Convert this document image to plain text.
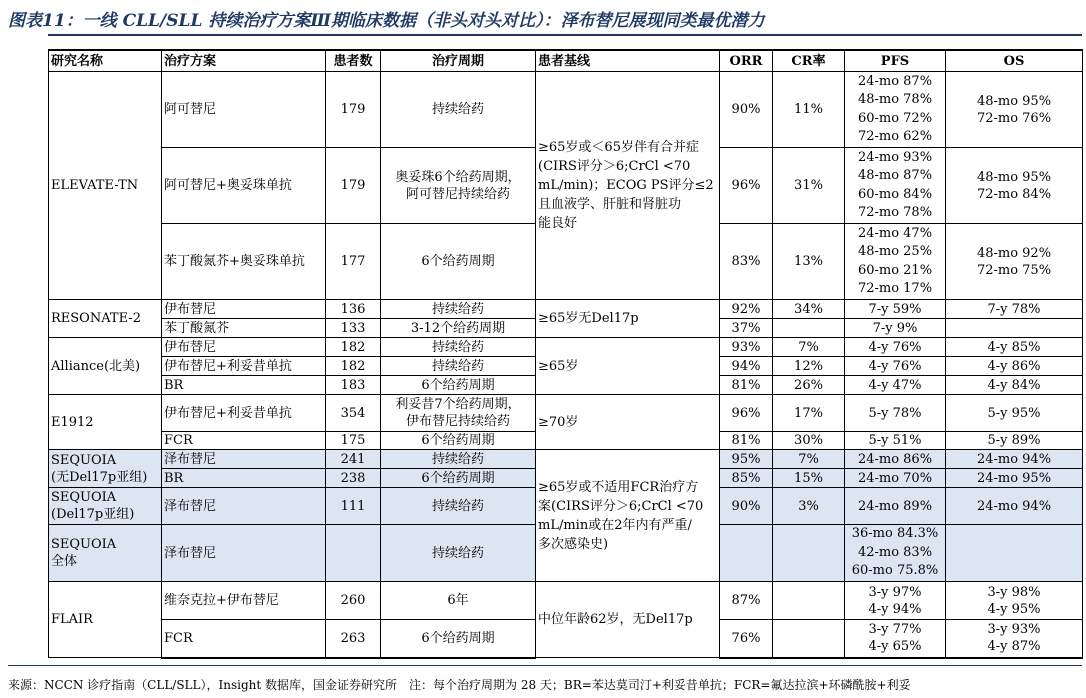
图表11：一线 CLL/SLL 持续治疗方案Ⅲ期临床数据（非头对头对比）：泽布替尼展现同类最优潜力
研究名称	治疗方案	患者数	治疗周期	患者基线	ORR	CR率	PFS	OS
ELEVATE-TN	阿可替尼	179	持续给药	≥65岁或＜65岁伴有合并症
(CIRS评分＞6;CrCl <70
mL/min)；ECOG PS评分≤2
且血液学、肝脏和肾脏功
能良好	90%	11%	24-mo 87%
48-mo 78%
60-mo 72%
72-mo 62%	48-mo 95%
72-mo 76%

	阿可替尼+奥妥珠单抗	179	奥妥珠6个给药周期，
阿可替尼持续给药		96%	31%	24-mo 93%
48-mo 87%
60-mo 84%
72-mo 78%	48-mo 95%
72-mo 84%

	苯丁酸氮芥+奥妥珠单抗	177	6个给药周期		83%	13%	24-mo 47%
48-mo 25%
60-mo 21%
72-mo 17%	48-mo 92%
72-mo 75%

RESONATE-2	伊布替尼	136	持续给药	≥65岁无Del17p	92%	34%	7-y 59%	7-y 78%
	苯丁酸氮芥	133	3-12个给药周期		37%		7-y 9%	
Alliance(北美)	伊布替尼	182	持续给药	≥65岁	93%	7%	4-y 76%	4-y 85%
	伊布替尼+利妥昔单抗	182	持续给药		94%	12%	4-y 76%	4-y 86%
	BR	183	6个给药周期		81%	26%	4-y 47%	4-y 84%
E1912	伊布替尼+利妥昔单抗	354	利妥昔7个给药周期，
伊布替尼持续给药	≥70岁	96%	17%	5-y 78%	5-y 95%
	FCR	175	6个给药周期		81%	30%	5-y 51%	5-y 89%

SEQUOIA
(无Del17p亚组)	泽布替尼	241	持续给药	≥65岁或不适用FCR治疗方
案(CIRS评分＞6;CrCl <70
mL/min或在2年内有严重/
多次感染史)	95%	7%	24-mo 86%	24-mo 94%
	BR	238	6个给药周期		85%	15%	24-mo 70%	24-mo 95%

SEQUOIA
(Del17p亚组)	泽布替尼	111	持续给药		90%	3%	24-mo 89%	24-mo 94%

SEQUOIA
全体	泽布替尼		持续给药				36-mo 84.3%
42-mo 83%
60-mo 75.8%	

FLAIR	维奈克拉+伊布替尼	260	6年	中位年龄62岁，无Del17p	87%		3-y 97%
4-y 94%	3-y 98%
4-y 95%

	FCR	263	6个给药周期		76%		3-y 77%
4-y 65%	3-y 93%
4-y 87%
来源：NCCN 诊疗指南（CLL/SLL），Insight 数据库，国金证券研究所　注：每个治疗周期为 28 天；BR=苯达莫司汀+利妥昔单抗；FCR=氟达拉滨+环磷酰胺+利妥
